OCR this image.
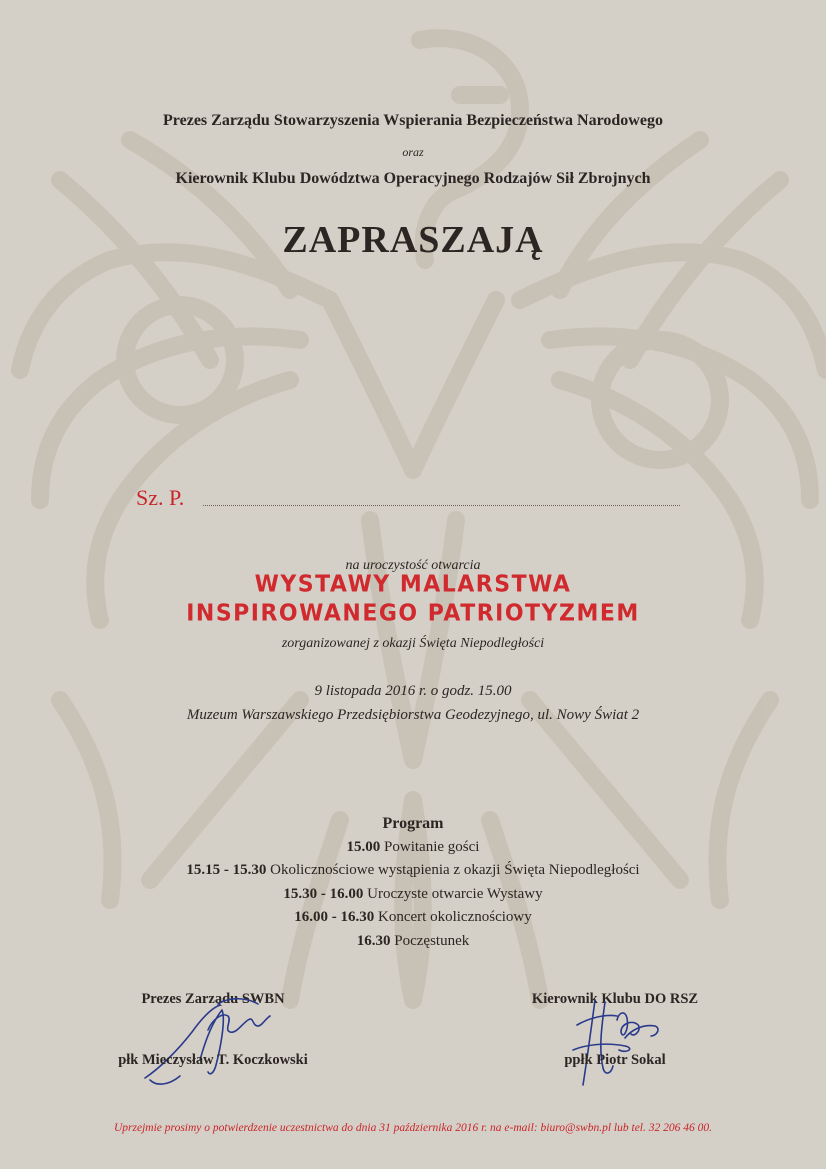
Prezes Zarządu Stowarzyszenia Wspierania Bezpieczeństwa Narodowego
oraz
Kierownik Klubu Dowództwa Operacyjnego Rodzajów Sił Zbrojnych
ZAPRASZAJĄ
Sz. P.
na uroczystość otwarcia
WYSTAWY MALARSTWA
INSPIROWANEGO PATRIOTYZMEM
zorganizowanej z okazji Święta Niepodległości
9 listopada 2016 r. o godz. 15.00
Muzeum Warszawskiego Przedsiębiorstwa Geodezyjnego, ul. Nowy Świat 2
Program
15.00 Powitanie gości
15.15 - 15.30 Okolicznościowe wystąpienia z okazji Święta Niepodległości
15.30 - 16.00 Uroczyste otwarcie Wystawy
16.00 - 16.30 Koncert okolicznościowy
16.30 Poczęstunek
Prezes Zarządu SWBN	Kierownik Klubu DO RSZ
płk Mieczysław T. Koczkowski	ppłk Piotr Sokal
Uprzejmie prosimy o potwierdzenie uczestnictwa do dnia 31 października 2016 r. na e-mail: biuro@swbn.pl lub tel. 32 206 46 00.
